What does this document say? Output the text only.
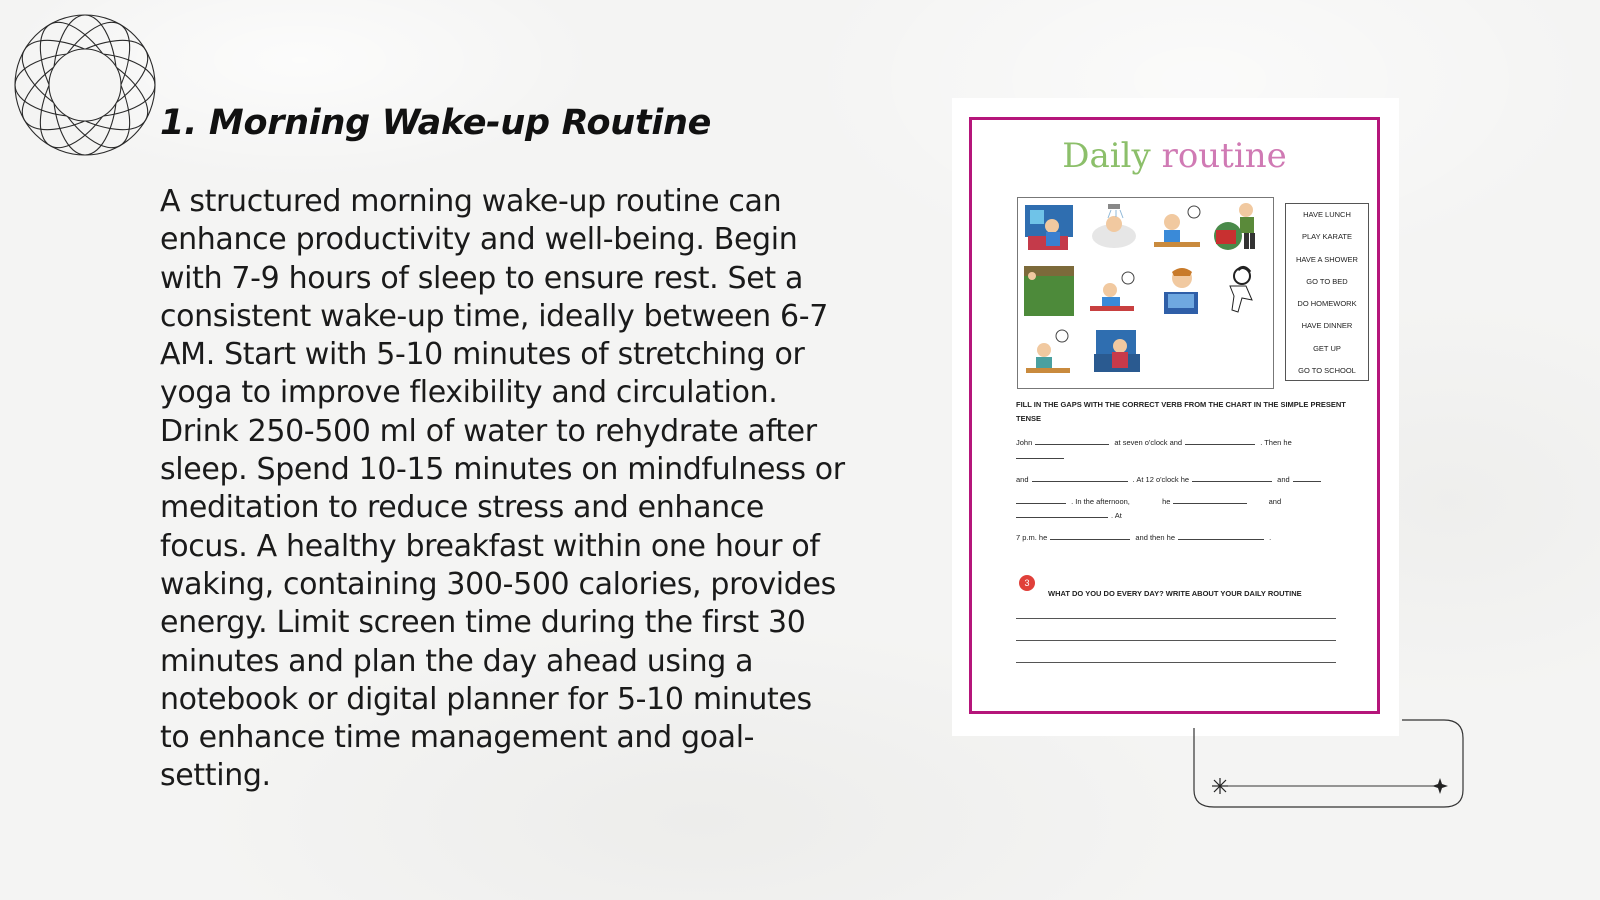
1. Morning Wake-up Routine

A structured morning wake-up routine can enhance productivity and well-being. Begin with 7-9 hours of sleep to ensure rest. Set a consistent wake-up time, ideally between 6-7 AM. Start with 5-10 minutes of stretching or yoga to improve flexibility and circulation. Drink 250-500 ml of water to rehydrate after sleep. Spend 10-15 minutes on mindfulness or meditation to reduce stress and enhance focus. A healthy breakfast within one hour of waking, containing 300-500 calories, provides energy. Limit screen time during the first 30 minutes and plan the day ahead using a notebook or digital planner for 5-10 minutes to enhance time management and goal-setting.

Daily routine
HAVE LUNCH
PLAY KARATE
HAVE A SHOWER
GO TO BED
DO HOMEWORK
HAVE DINNER
GET UP
GO TO SCHOOL
FILL IN THE GAPS WITH THE CORRECT VERB FROM THE CHART IN THE SIMPLE PRESENT TENSE
John	at seven o'clock and	. Then he
and	. At 12 o'clock he	and
. In the afternoon,	he	and
. At
7 p.m. he	and then he	.
3
WHAT DO YOU DO EVERY DAY? WRITE ABOUT YOUR DAILY ROUTINE
